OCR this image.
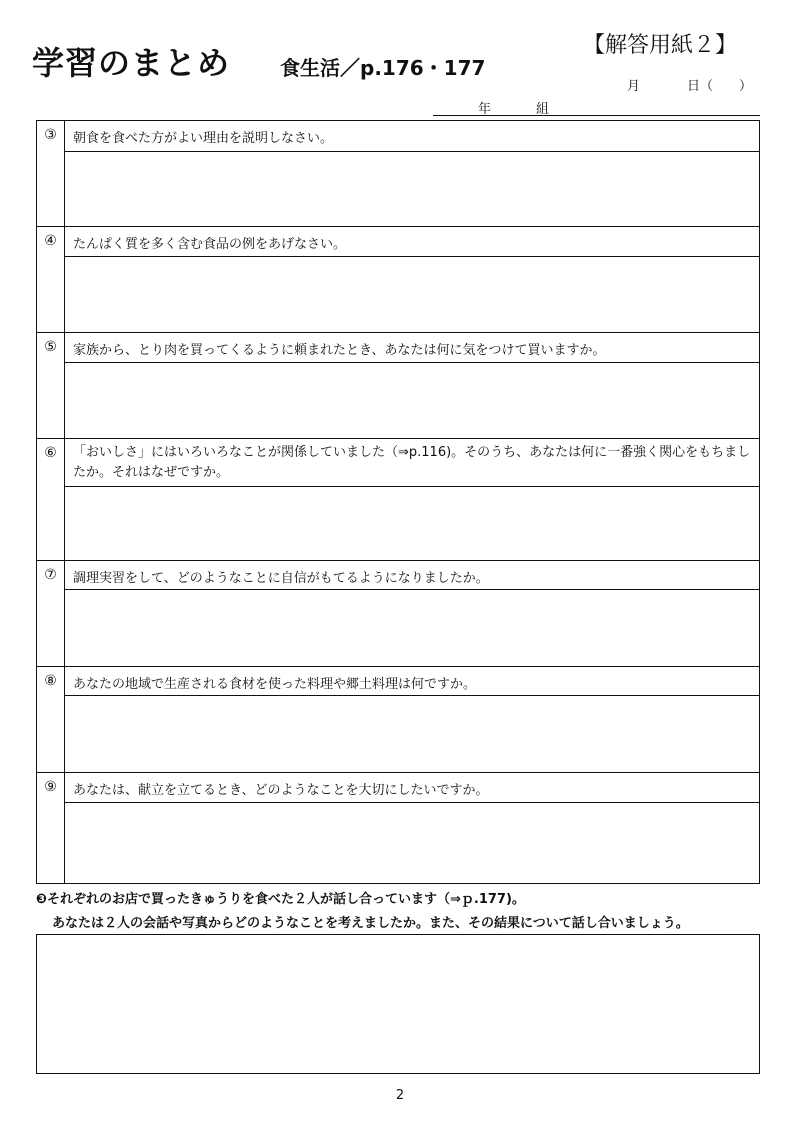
学習のまとめ 食生活／p.176・177
【解答用紙２】
月	日（　　）
年	組
③	朝食を食べた方がよい理由を説明しなさい。
④	たんぱく質を多く含む食品の例をあげなさい。
⑤	家族から、とり肉を買ってくるように頼まれたとき、あなたは何に気をつけて買いますか。
⑥	「おいしさ」にはいろいろなことが関係していました（⇒p.116)。そのうち、あなたは何に一番強く関心をもちましたか。それはなぜですか。
⑦	調理実習をして、どのようなことに自信がもてるようになりましたか。
⑧	あなたの地域で生産される食材を使った料理や郷土料理は何ですか。
⑨	あなたは、献立を立てるとき、どのようなことを大切にしたいですか。
❸それぞれのお店で買ったきゅうりを食べた２人が話し合っています（⇒ｐ.177)。
あなたは２人の会話や写真からどのようなことを考えましたか。また、その結果について話し合いましょう。
2
